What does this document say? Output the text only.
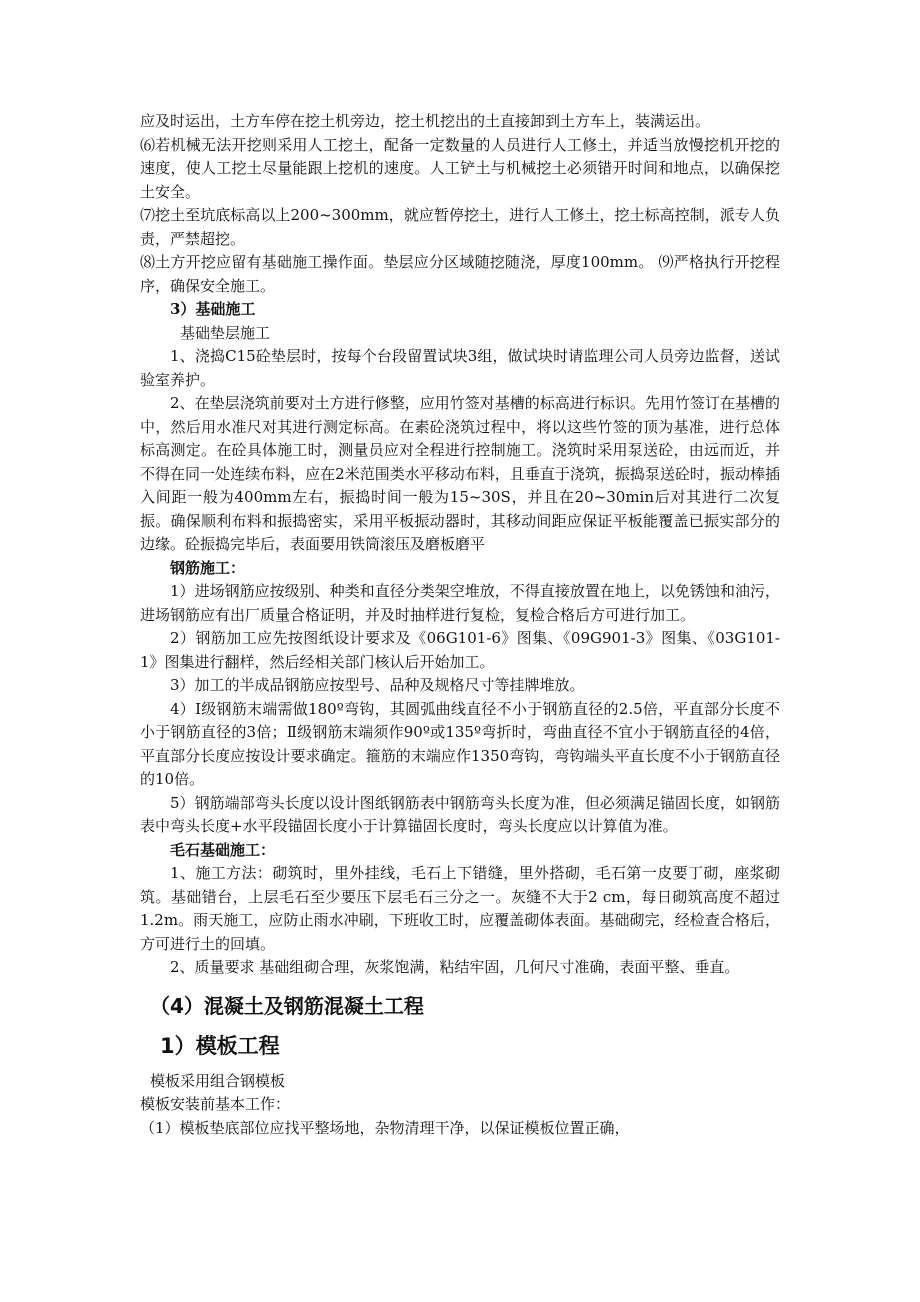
应及时运出，土方车停在挖土机旁边，挖土机挖出的土直接卸到土方车上，装满运出。

⑹若机械无法开挖则采用人工挖土，配备一定数量的人员进行人工修土，并适当放慢挖机开挖的速度，使人工挖土尽量能跟上挖机的速度。人工铲土与机械挖土必须错开时间和地点，以确保挖土安全。

⑺挖土至坑底标高以上200~300mm，就应暂停挖土，进行人工修土，挖土标高控制，派专人负责，严禁超挖。

⑻土方开挖应留有基础施工操作面。垫层应分区域随挖随浇，厚度100mm。 ⑼严格执行开挖程序，确保安全施工。

3）基础施工

基础垫层施工

1、浇捣C15砼垫层时，按每个台段留置试块3组，做试块时请监理公司人员旁边监督，送试验室养护。

2、在垫层浇筑前要对土方进行修整，应用竹签对基槽的标高进行标识。先用竹签订在基槽的中，然后用水准尺对其进行测定标高。在素砼浇筑过程中，将以这些竹签的顶为基准，进行总体标高测定。在砼具体施工时，测量员应对全程进行控制施工。浇筑时采用泵送砼，由远而近，并不得在同一处连续布料，应在2米范围类水平移动布料，且垂直于浇筑，振捣泵送砼时，振动棒插入间距一般为400mm左右，振捣时间一般为15~30S，并且在20~30min后对其进行二次复振。确保顺利布料和振捣密实，采用平板振动器时，其移动间距应保证平板能覆盖已振实部分的边缘。砼振捣完毕后，表面要用铁筒滚压及磨板磨平

钢筋施工：

1）进场钢筋应按级别、种类和直径分类架空堆放，不得直接放置在地上，以免锈蚀和油污，进场钢筋应有出厂质量合格证明，并及时抽样进行复检，复检合格后方可进行加工。

2）钢筋加工应先按图纸设计要求及《06G101-6》图集、《09G901-3》图集、《03G101-1》图集进行翻样，然后经相关部门核认后开始加工。

3）加工的半成品钢筋应按型号、品种及规格尺寸等挂牌堆放。

4）Ⅰ级钢筋末端需做180º弯钩，其圆弧曲线直径不小于钢筋直径的2.5倍，平直部分长度不小于钢筋直径的3倍；Ⅱ级钢筋末端须作90º或135º弯折时，弯曲直径不宜小于钢筋直径的4倍，平直部分长度应按设计要求确定。箍筋的末端应作1350弯钩，弯钩端头平直长度不小于钢筋直径的10倍。

5）钢筋端部弯头长度以设计图纸钢筋表中钢筋弯头长度为准，但必须满足锚固长度，如钢筋表中弯头长度+水平段锚固长度小于计算锚固长度时，弯头长度应以计算值为准。

毛石基础施工：

1、施工方法：砌筑时，里外挂线，毛石上下错缝，里外搭砌，毛石第一皮要丁砌，座浆砌筑。基础错台，上层毛石至少要压下层毛石三分之一。灰缝不大于2 cm，每日砌筑高度不超过1.2m。雨天施工，应防止雨水冲刷，下班收工时，应覆盖砌体表面。基础砌完，经检查合格后，方可进行土的回填。

2、质量要求 基础组砌合理，灰浆饱满，粘结牢固，几何尺寸准确，表面平整、垂直。

（4）混凝土及钢筋混凝土工程

1）模板工程

模板采用组合钢模板

模板安装前基本工作：

（1）模板垫底部位应找平整场地，杂物清理干净，以保证模板位置正确，
